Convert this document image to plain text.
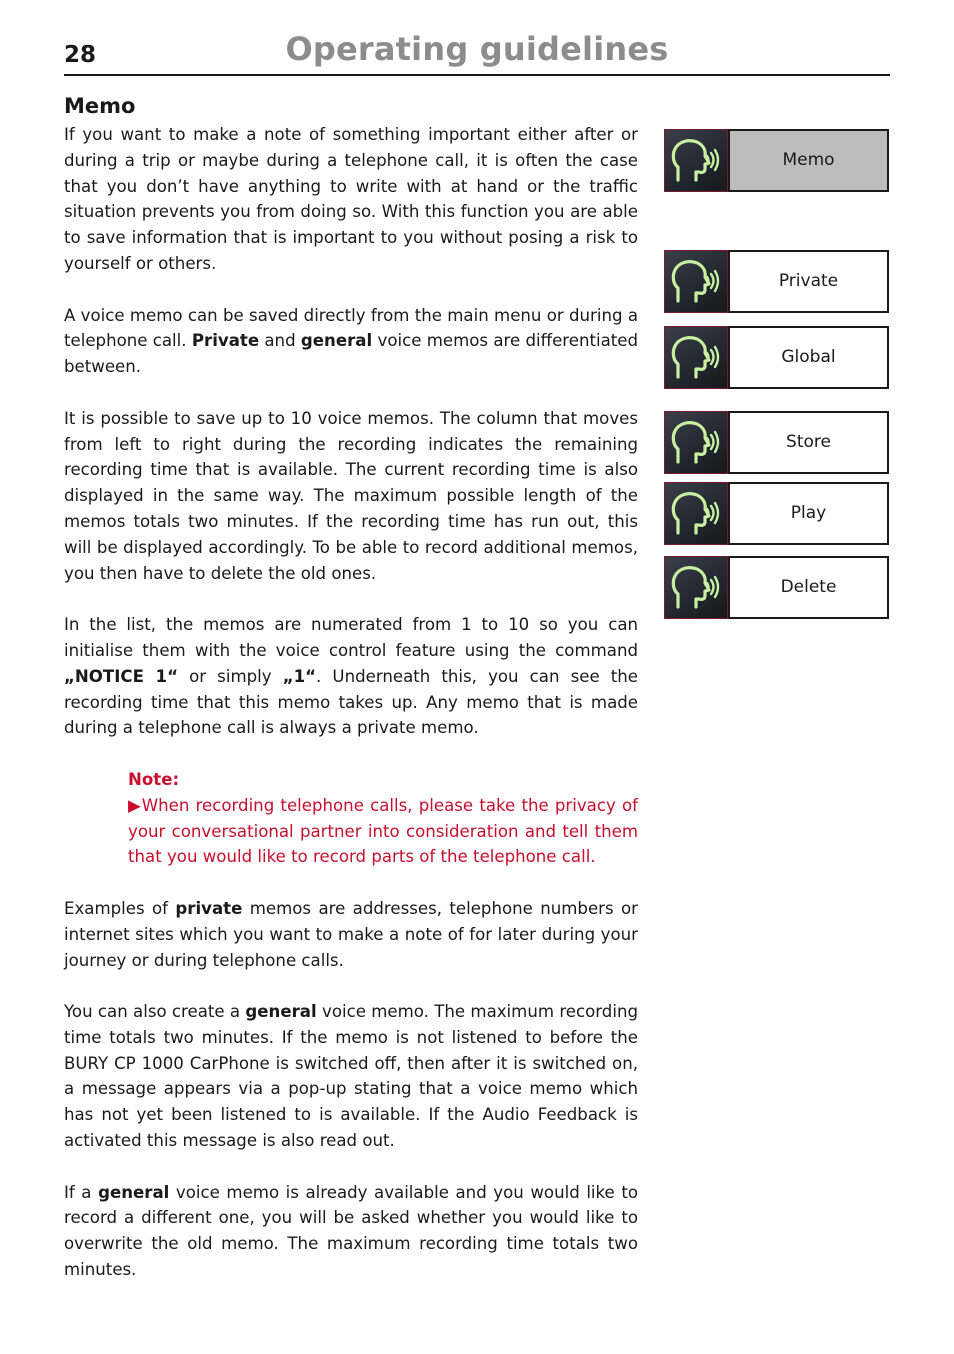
28	Operating guidelines
Memo

If you want to make a note of something important either after or during a trip or maybe during a telephone call, it is often the case that you don’t have anything to write with at hand or the traffic situation prevents you from doing so. With this function you are able to save information that is important to you without posing a risk to yourself or others.

A voice memo can be saved directly from the main menu or during a telephone call. Private and general voice memos are differentiated between.

It is possible to save up to 10 voice memos. The column that moves from left to right during the recording indicates the remaining recording time that is available. The current recording time is also displayed in the same way. The maximum possible length of the memos totals two minutes. If the recording time has run out, this will be displayed accordingly. To be able to record additional memos, you then have to delete the old ones.

In the list, the memos are numerated from 1 to 10 so you can initialise them with the voice control feature using the command „NOTICE 1“ or simply „1“. Underneath this, you can see the recording time that this memo takes up. Any memo that is made during a telephone call is always a private memo.

Note:
▶When recording telephone calls, please take the privacy of your conversational partner into consideration and tell them that you would like to record parts of the telephone call.

Examples of private memos are addresses, telephone numbers or internet sites which you want to make a note of for later during your journey or during telephone calls.

You can also create a general voice memo. The maximum recording time totals two minutes. If the memo is not listened to before the BURY CP 1000 CarPhone is switched off, then after it is switched on, a message appears via a pop-up stating that a voice memo which has not yet been listened to is available. If the Audio Feedback is activated this message is also read out.

If a general voice memo is already available and you would like to record a different one, you will be asked whether you would like to overwrite the old memo. The maximum recording time totals two minutes.

Memo
Private
Global
Store
Play
Delete
